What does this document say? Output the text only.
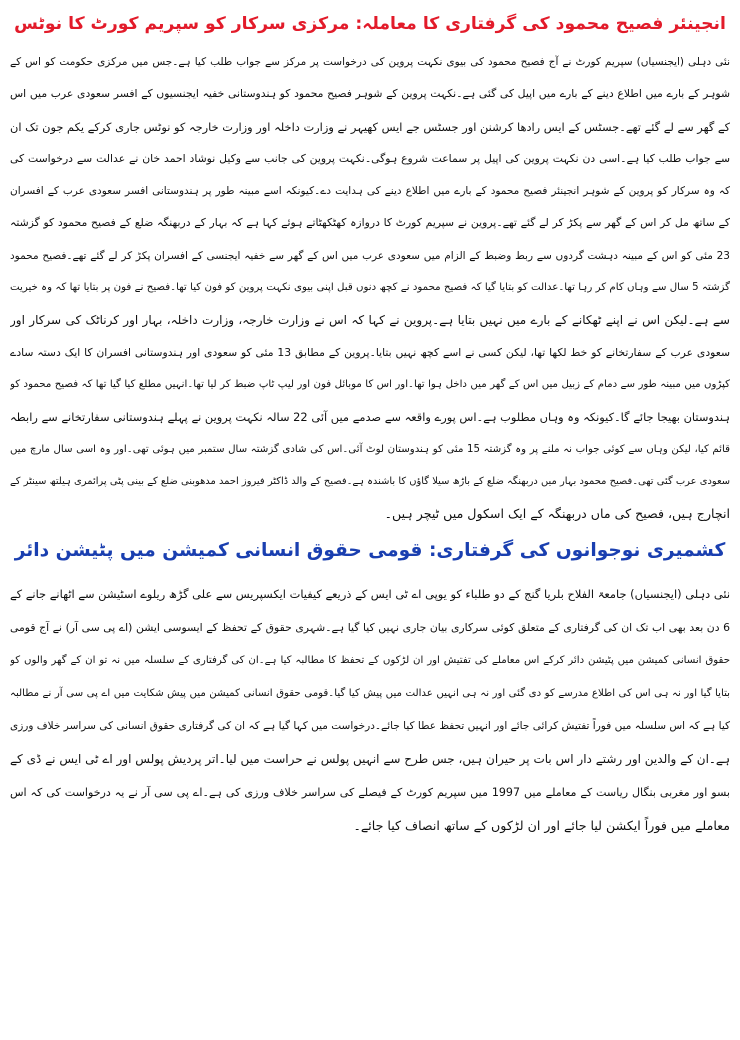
انجینئر فصیح محمود کی گرفتاری کا معاملہ: مرکزی سرکار کو سپریم کورٹ کا نوٹس
نئی دہلی (ایجنسیاں) سپریم کورٹ نے آج فصیح محمود کی بیوی نکہت پروین کی درخواست پر مرکز سے جواب طلب کیا ہے۔جس میں مرکزی حکومت کو اس کے
شوہر کے بارے میں اطلاع دینے کے بارے میں اپیل کی گئی ہے۔نکہت پروین کے شوہر فصیح محمود کو ہندوستانی خفیہ ایجنسیوں کے افسر سعودی عرب میں اس
کے گھر سے لے گئے تھے۔جسٹس کے ایس رادھا کرشنن اور جسٹس جے ایس کھیہر نے وزارت داخلہ اور وزارت خارجہ کو نوٹس جاری کرکے یکم جون تک ان
سے جواب طلب کیا ہے۔اسی دن نکہت پروین کی اپیل پر سماعت شروع ہوگی۔نکہت پروین کی جانب سے وکیل نوشاد احمد خان نے عدالت سے درخواست کی
کہ وہ سرکار کو پروین کے شوہر انجینئر فصیح محمود کے بارے میں اطلاع دینے کی ہدایت دے۔کیونکہ اسے مبینہ طور پر ہندوستانی افسر سعودی عرب کے افسران
کے ساتھ مل کر اس کے گھر سے پکڑ کر لے گئے تھے۔پروین نے سپریم کورٹ کا دروازہ کھٹکھٹاتے ہوئے کہا ہے کہ بہار کے دربھنگہ ضلع کے فصیح محمود کو گزشتہ
23 مئی کو اس کے مبینہ دہشت گردوں سے ربط وضبط کے الزام میں سعودی عرب میں اس کے گھر سے خفیہ ایجنسی کے افسران پکڑ کر لے گئے تھے۔فصیح محمود
گزشتہ 5 سال سے وہاں کام کر رہا تھا۔عدالت کو بتایا گیا کہ فصیح محمود نے کچھ دنوں قبل اپنی بیوی نکہت پروین کو فون کیا تھا۔فصیح نے فون پر بتایا تھا کہ وہ خیریت
سے ہے۔لیکن اس نے اپنے ٹھکانے کے بارے میں نہیں بتایا ہے۔پروین نے کہا کہ اس نے وزارت خارجہ، وزارت داخلہ، بہار اور کرناٹک کی سرکار اور
سعودی عرب کے سفارتخانے کو خط لکھا تھا، لیکن کسی نے اسے کچھ نہیں بتایا۔پروین کے مطابق 13 مئی کو سعودی اور ہندوستانی افسران کا ایک دستہ سادے
کپڑوں میں مبینہ طور سے دمام کے زبیل میں اس کے گھر میں داخل ہوا تھا۔اور اس کا موبائل فون اور لیپ ٹاپ ضبط کر لیا تھا۔انہیں مطلع کیا گیا تھا کہ فصیح محمود کو
ہندوستان بھیجا جائے گا۔کیونکہ وہ وہاں مطلوب ہے۔اس پورے واقعہ سے صدمے میں آئی 22 سالہ نکہت پروین نے پہلے ہندوستانی سفارتخانے سے رابطہ
قائم کیا، لیکن وہاں سے کوئی جواب نہ ملنے پر وہ گزشتہ 15 مئی کو ہندوستان لوٹ آئی۔اس کی شادی گزشتہ سال ستمبر میں ہوئی تھی۔اور وہ اسی سال مارچ میں
سعودی عرب گئی تھی۔فصیح محمود بہار میں دربھنگہ ضلع کے باڑھ سیلا گاؤں کا باشندہ ہے۔فصیح کے والد ڈاکٹر فیروز احمد مدھوبنی ضلع کے بینی پٹی پرائمری ہیلتھ سینٹر کے
انچارج ہیں، فصیح کی ماں دربھنگہ کے ایک اسکول میں ٹیچر ہیں۔
کشمیری نوجوانوں کی گرفتاری: قومی حقوق انسانی کمیشن میں پٹیشن دائر
نئی دہلی (ایجنسیاں) جامعۃ الفلاح بلریا گنج کے دو طلباء کو یوپی اے ٹی ایس کے ذریعے کیفیات ایکسپریس سے علی گڑھ ریلوے اسٹیشن سے اٹھانے جانے کے
6 دن بعد بھی اب تک ان کی گرفتاری کے متعلق کوئی سرکاری بیان جاری نہیں کیا گیا ہے۔شہری حقوق کے تحفظ کے ایسوسی ایشن (اے پی سی آر) نے آج قومی
حقوق انسانی کمیشن میں پٹیشن دائر کرکے اس معاملے کی تفتیش اور ان لڑکوں کے تحفظ کا مطالبہ کیا ہے۔ان کی گرفتاری کے سلسلہ میں نہ تو ان کے گھر والوں کو
بتایا گیا اور نہ ہی اس کی اطلاع مدرسے کو دی گئی اور نہ ہی انہیں عدالت میں پیش کیا گیا۔قومی حقوق انسانی کمیشن میں پیش شکایت میں اے پی سی آر نے مطالبہ
کیا ہے کہ اس سلسلہ میں فوراً تفتیش کرائی جائے اور انہیں تحفظ عطا کیا جائے۔درخواست میں کہا گیا ہے کہ ان کی گرفتاری حقوق انسانی کی سراسر خلاف ورزی
ہے۔ان کے والدین اور رشتے دار اس بات پر حیران ہیں، جس طرح سے انہیں پولس نے حراست میں لیا۔اتر پردیش پولس اور اے ٹی ایس نے ڈی کے
بسو اور مغربی بنگال ریاست کے معاملے میں 1997 میں سپریم کورٹ کے فیصلے کی سراسر خلاف ورزی کی ہے۔اے پی سی آر نے یہ درخواست کی کہ اس
معاملے میں فوراً ایکشن لیا جائے اور ان لڑکوں کے ساتھ انصاف کیا جائے۔
